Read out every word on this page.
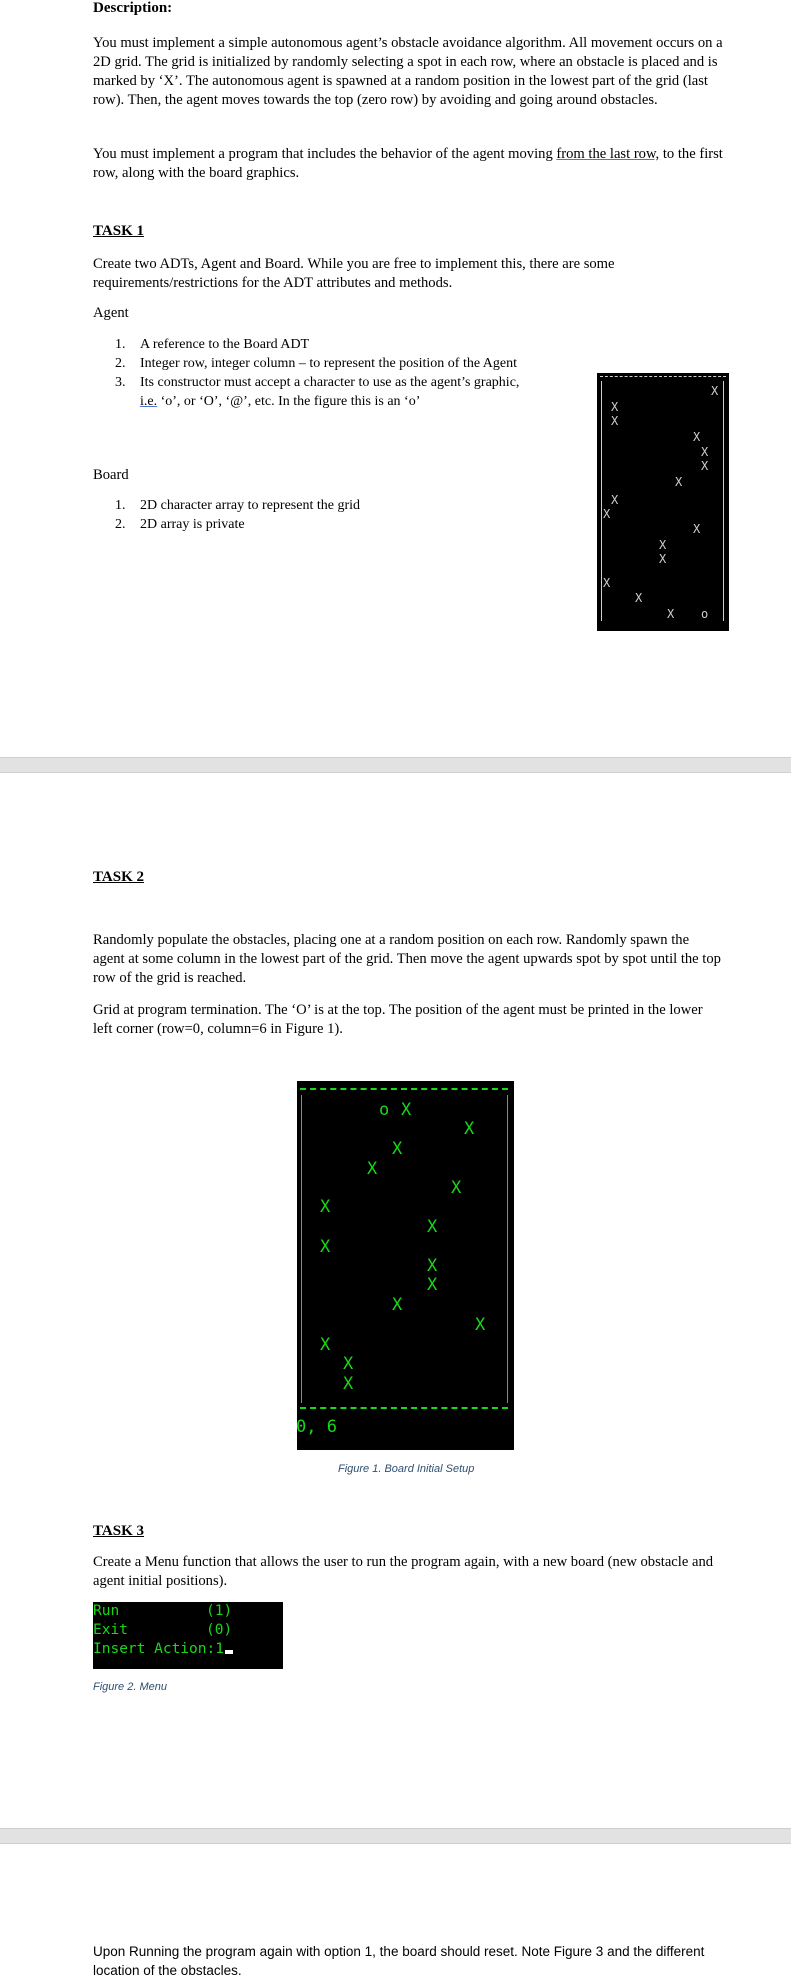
Description:

You must implement a simple autonomous agent’s obstacle avoidance algorithm. All movement occurs on a 2D grid. The grid is initialized by randomly selecting a spot in each row, where an obstacle is placed and is marked by ‘X’. The autonomous agent is spawned at a random position in the lowest part of the grid (last row). Then, the agent moves towards the top (zero row) by avoiding and going around obstacles.

You must implement a program that includes the behavior of the agent moving from the last row, to the first row, along with the board graphics.

TASK 1

Create two ADTs, Agent and Board. While you are free to implement this, there are some requirements/restrictions for the ADT attributes and methods.

Agent
1. A reference to the Board ADT
2. Integer row, integer column – to represent the position of the Agent
3. Its constructor must accept a character to use as the agent’s graphic,
i.e. ‘o’, or ‘O’, ‘@’, etc. In the figure this is an ‘o’
Board
1. 2D character array to represent the grid
2. 2D array is private
X
X
X
X
X
X
X
X
X
X
X
X
X
X
X o
TASK 2

Randomly populate the obstacles, placing one at a random position on each row. Randomly spawn the agent at some column in the lowest part of the grid. Then move the agent upwards spot by spot until the top row of the grid is reached.

Grid at program termination. The ‘O’ is at the top. The position of the agent must be printed in the lower left corner (row=0, column=6 in Figure 1).

o X
X
X
X
X
X
X
X
X
X
X
X
X
X
X
0, 6
Figure 1. Board Initial Setup
TASK 3

Create a Menu function that allows the user to run the program again, with a new board (new obstacle and agent initial positions).

Run	(1)
Exit	(0)
Insert Action:1
Figure 2. Menu

Upon Running the program again with option 1, the board should reset. Note Figure 3 and the different location of the obstacles.
